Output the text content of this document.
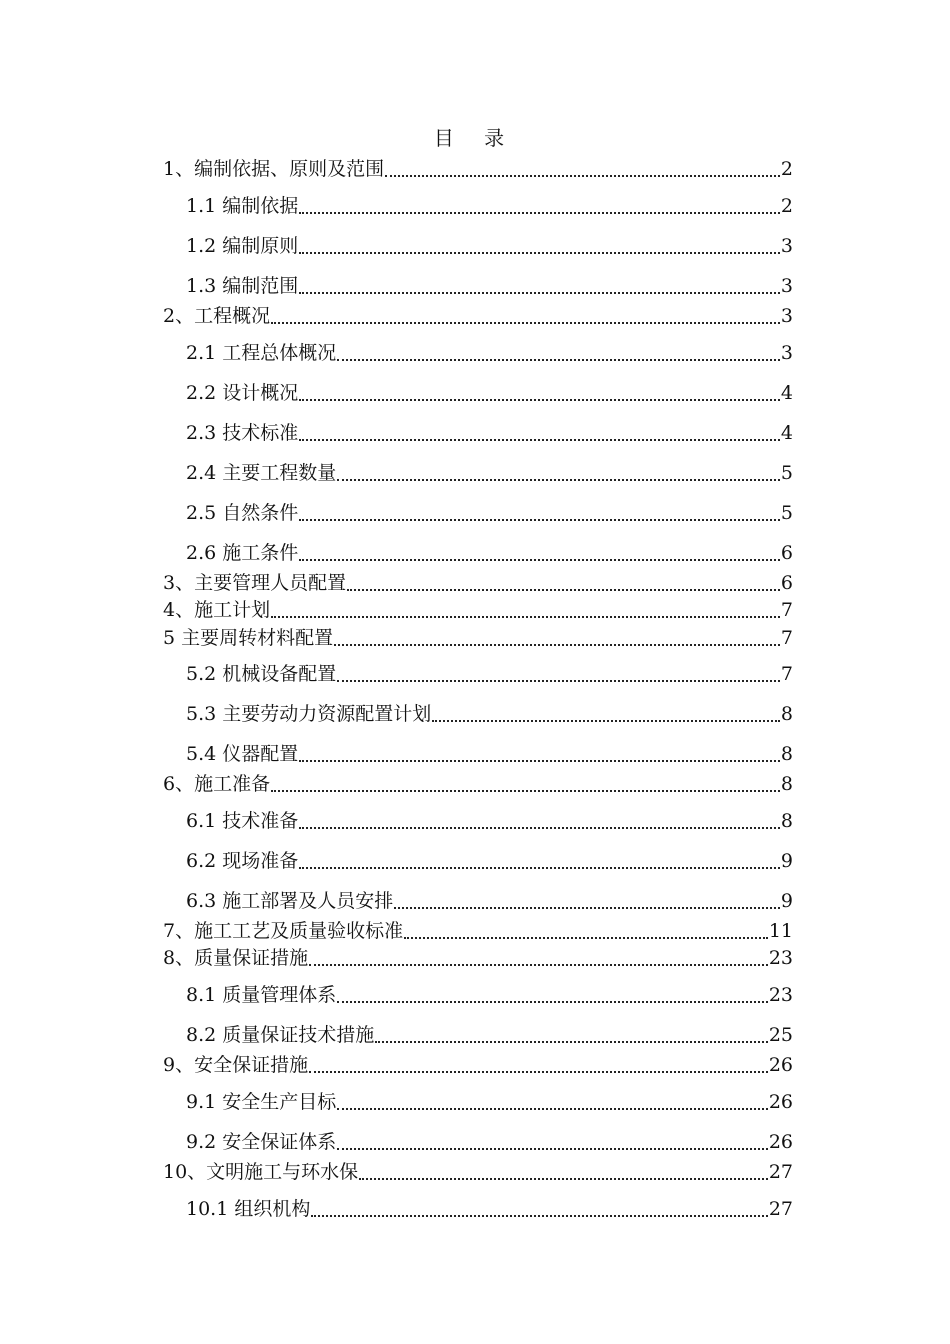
目 录
1、编制依据、原则及范围	2
1.1 编制依据	2
1.2 编制原则	3
1.3 编制范围	3
2、工程概况	3
2.1 工程总体概况	3
2.2 设计概况	4
2.3 技术标准	4
2.4 主要工程数量	5
2.5 自然条件	5
2.6 施工条件	6
3、主要管理人员配置	6
4、施工计划	7
5 主要周转材料配置	7
5.2 机械设备配置	7
5.3 主要劳动力资源配置计划	8
5.4 仪器配置	8
6、施工准备	8
6.1 技术准备	8
6.2 现场准备	9
6.3 施工部署及人员安排	9
7、施工工艺及质量验收标准	11
8、质量保证措施	23
8.1 质量管理体系	23
8.2 质量保证技术措施	25
9、安全保证措施	26
9.1 安全生产目标	26
9.2 安全保证体系	26
10、文明施工与环水保	27
10.1 组织机构	27
